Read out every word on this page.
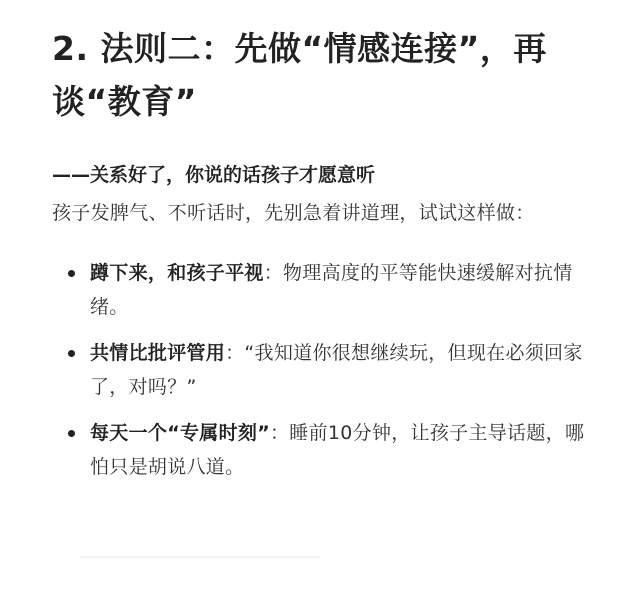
2. 法则二：先做“情感连接”，再谈“教育”

——关系好了，你说的话孩子才愿意听

孩子发脾气、不听话时，先别急着讲道理，试试这样做：

蹲下来，和孩子平视：物理高度的平等能快速缓解对抗情绪。
共情比批评管用：“我知道你很想继续玩，但现在必须回家了，对吗？”
每天一个“专属时刻”：睡前10分钟，让孩子主导话题，哪怕只是胡说八道。
